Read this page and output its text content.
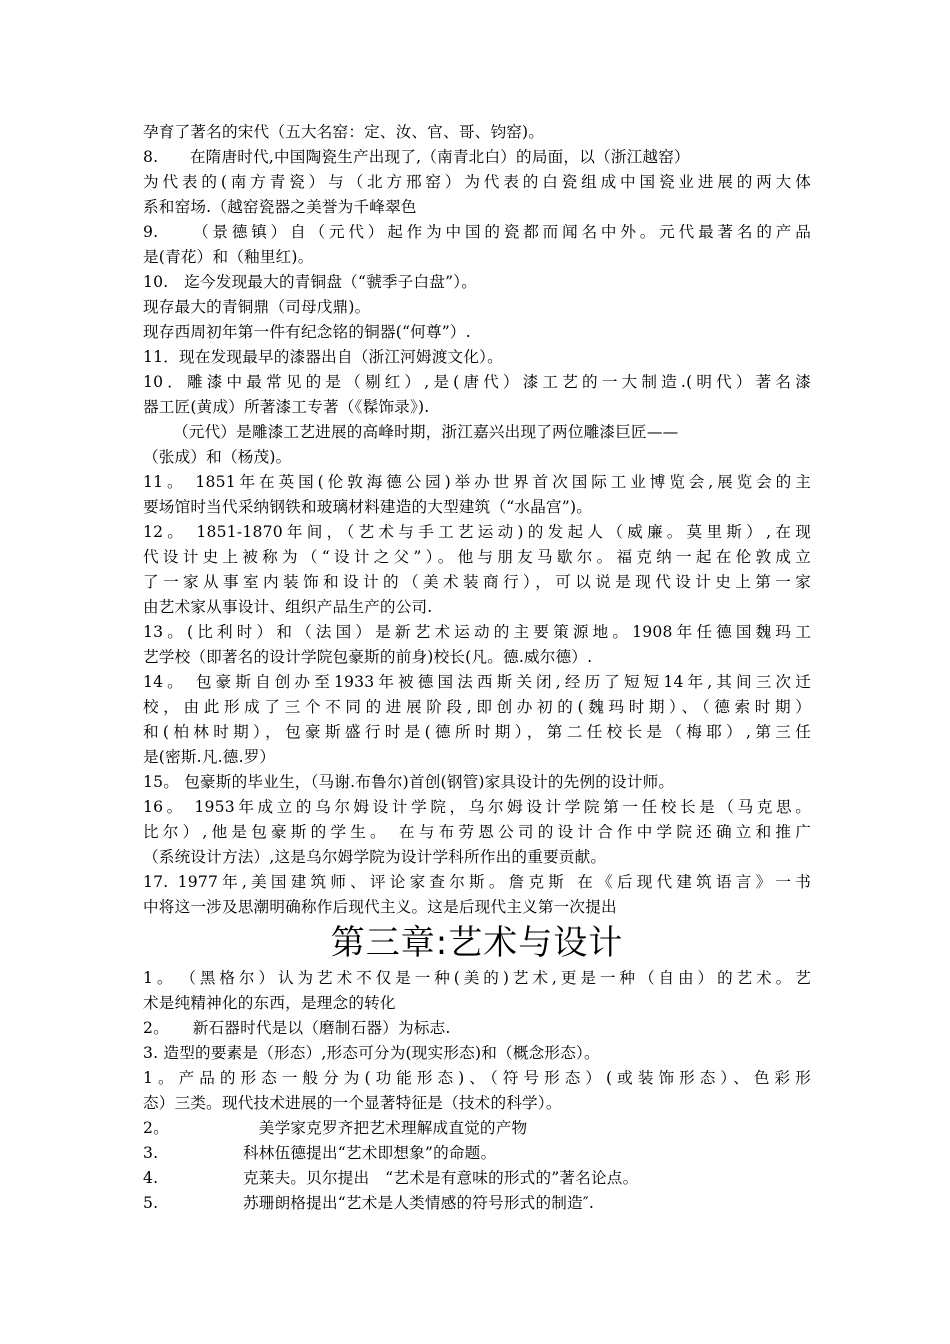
孕育了著名的宋代（五大名窑：定、汝、官、哥、钧窑)。
8.　　在隋唐时代,中国陶瓷生产出现了,（南青北白）的局面，以（浙江越窑）
为代表的(南方青瓷）与（北方邢窑）为代表的白瓷组成中国瓷业进展的两大体
系和窑场.（越窑瓷器之美誉为千峰翠色
9.　　（景德镇）自（元代）起作为中国的瓷都而闻名中外。元代最著名的产品
是(青花）和（釉里红)。
10.　迄今发现最大的青铜盘（“虢季子白盘”）。
现存最大的青铜鼎（司母戊鼎)。
现存西周初年第一件有纪念铭的铜器(“何尊”）.
11．现在发现最早的漆器出自（浙江河姆渡文化）。
10．雕漆中最常见的是（剔红）,是(唐代）漆工艺的一大制造.(明代）著名漆
器工匠(黄成）所著漆工专著（《髹饰录》).
（元代）是雕漆工艺进展的高峰时期，浙江嘉兴出现了两位雕漆巨匠——
（张成）和（杨茂)。
11。 1851年在英国(伦敦海德公园)举办世界首次国际工业博览会,展览会的主
要场馆时当代采纳钢铁和玻璃材料建造的大型建筑（“水晶宫”)。
12。 1851-1870年间，（艺术与手工艺运动)的发起人（威廉。莫里斯）,在现
代设计史上被称为（“设计之父”）。他与朋友马歇尔。福克纳一起在伦敦成立
了一家从事室内装饰和设计的（美术装商行），可以说是现代设计史上第一家
由艺术家从事设计、组织产品生产的公司.
13。(比利时）和（法国）是新艺术运动的主要策源地。1908年任德国魏玛工
艺学校（即著名的设计学院包豪斯的前身)校长(凡。德.威尔德）.
14。 包豪斯自创办至1933年被德国法西斯关闭,经历了短短14年,其间三次迁
校，由此形成了三个不同的进展阶段,即创办初的(魏玛时期）、（德索时期）
和(柏林时期），包豪斯盛行时是(德所时期），第二任校长是（梅耶）,第三任
是(密斯.凡.德.罗）
15。 包豪斯的毕业生，（马谢.布鲁尔)首创(钢管)家具设计的先例的设计师。
16。 1953年成立的乌尔姆设计学院，乌尔姆设计学院第一任校长是（马克思。
比尔）,他是包豪斯的学生。 在与布劳恩公司的设计合作中学院还确立和推广
（系统设计方法）,这是乌尔姆学院为设计学科所作出的重要贡献。
17. 1977年,美国建筑师、评论家查尔斯。詹克斯 在《后现代建筑语言》一书
中将这一涉及思潮明确称作后现代主义。这是后现代主义第一次提出
第三章:艺术与设计
1。　（黑格尔）认为艺术不仅是一种(美的)艺术,更是一种（自由）的艺术。艺
术是纯精神化的东西，是理念的转化
2。　　新石器时代是以（磨制石器）为标志.
3. 造型的要素是（形态）,形态可分为(现实形态)和（概念形态）。
1。产品的形态一般分为(功能形态)、（符号形态）(或装饰形态）、色彩形
态）三类。现代技术进展的一个显著特征是（技术的科学）。
2。	　美学家克罗齐把艺术理解成直觉的产物
3.	科林伍德提出“艺术即想象”的命题。
4.	克莱夫。贝尔提出　“艺术是有意味的形式的”著名论点。
5.	苏珊朗格提出“艺术是人类情感的符号形式的制造″.
